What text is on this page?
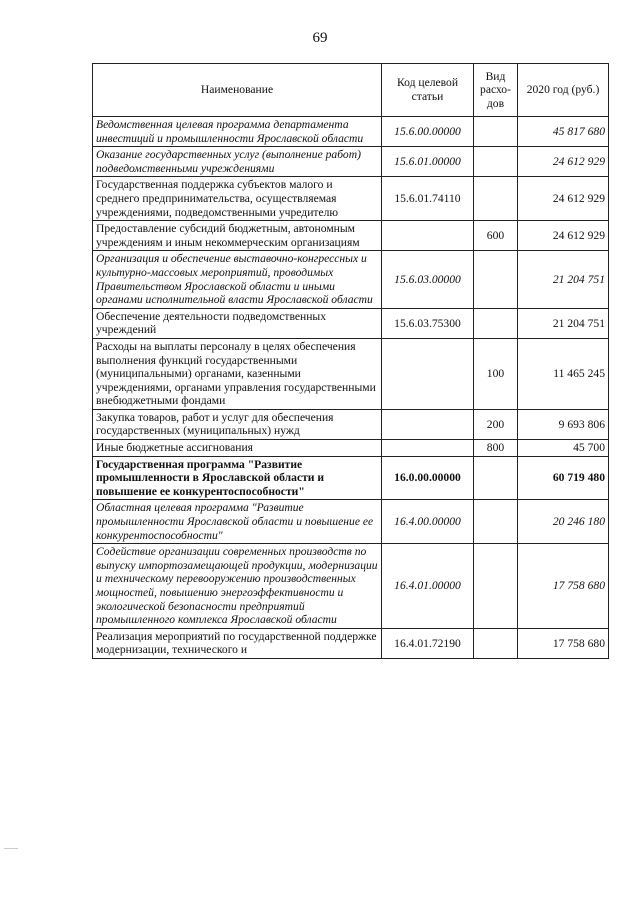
69
Наименование	Код целевой статьи	Вид расхо-дов	2020 год (руб.)
Ведомственная целевая программа департамента инвестиций и промышленности Ярославской области	15.6.00.00000		45 817 680
Оказание государственных услуг (выполнение работ) подведомственными учреждениями	15.6.01.00000		24 612 929
Государственная поддержка субъектов малого и среднего предпринимательства, осуществляемая учреждениями, подведомственными учредителю	15.6.01.74110		24 612 929
Предоставление субсидий бюджетным, автономным учреждениям и иным некоммерческим организациям		600	24 612 929
Организация и обеспечение выставочно-конгрессных и культурно-массовых мероприятий, проводимых Правительством Ярославской области и иными органами исполнительной власти Ярославской области	15.6.03.00000		21 204 751
Обеспечение деятельности подведомственных учреждений	15.6.03.75300		21 204 751
Расходы на выплаты персоналу в целях обеспечения выполнения функций государственными (муниципальными) органами, казенными учреждениями, органами управления государственными внебюджетными фондами		100	11 465 245
Закупка товаров, работ и услуг для обеспечения государственных (муниципальных) нужд		200	9 693 806
Иные бюджетные ассигнования		800	45 700
Государственная программа "Развитие промышленности в Ярославской области и повышение ее конкурентоспособности"	16.0.00.00000		60 719 480
Областная целевая программа "Развитие промышленности Ярославской области и повышение ее конкурентоспособности"	16.4.00.00000		20 246 180
Содействие организации современных производств по выпуску импортозамещающей продукции, модернизации и техническому перевооружению производственных мощностей, повышению энергоэффективности и экологической безопасности предприятий промышленного комплекса Ярославской области	16.4.01.00000		17 758 680
Реализация мероприятий по государственной поддержке модернизации, технического и	16.4.01.72190		17 758 680
